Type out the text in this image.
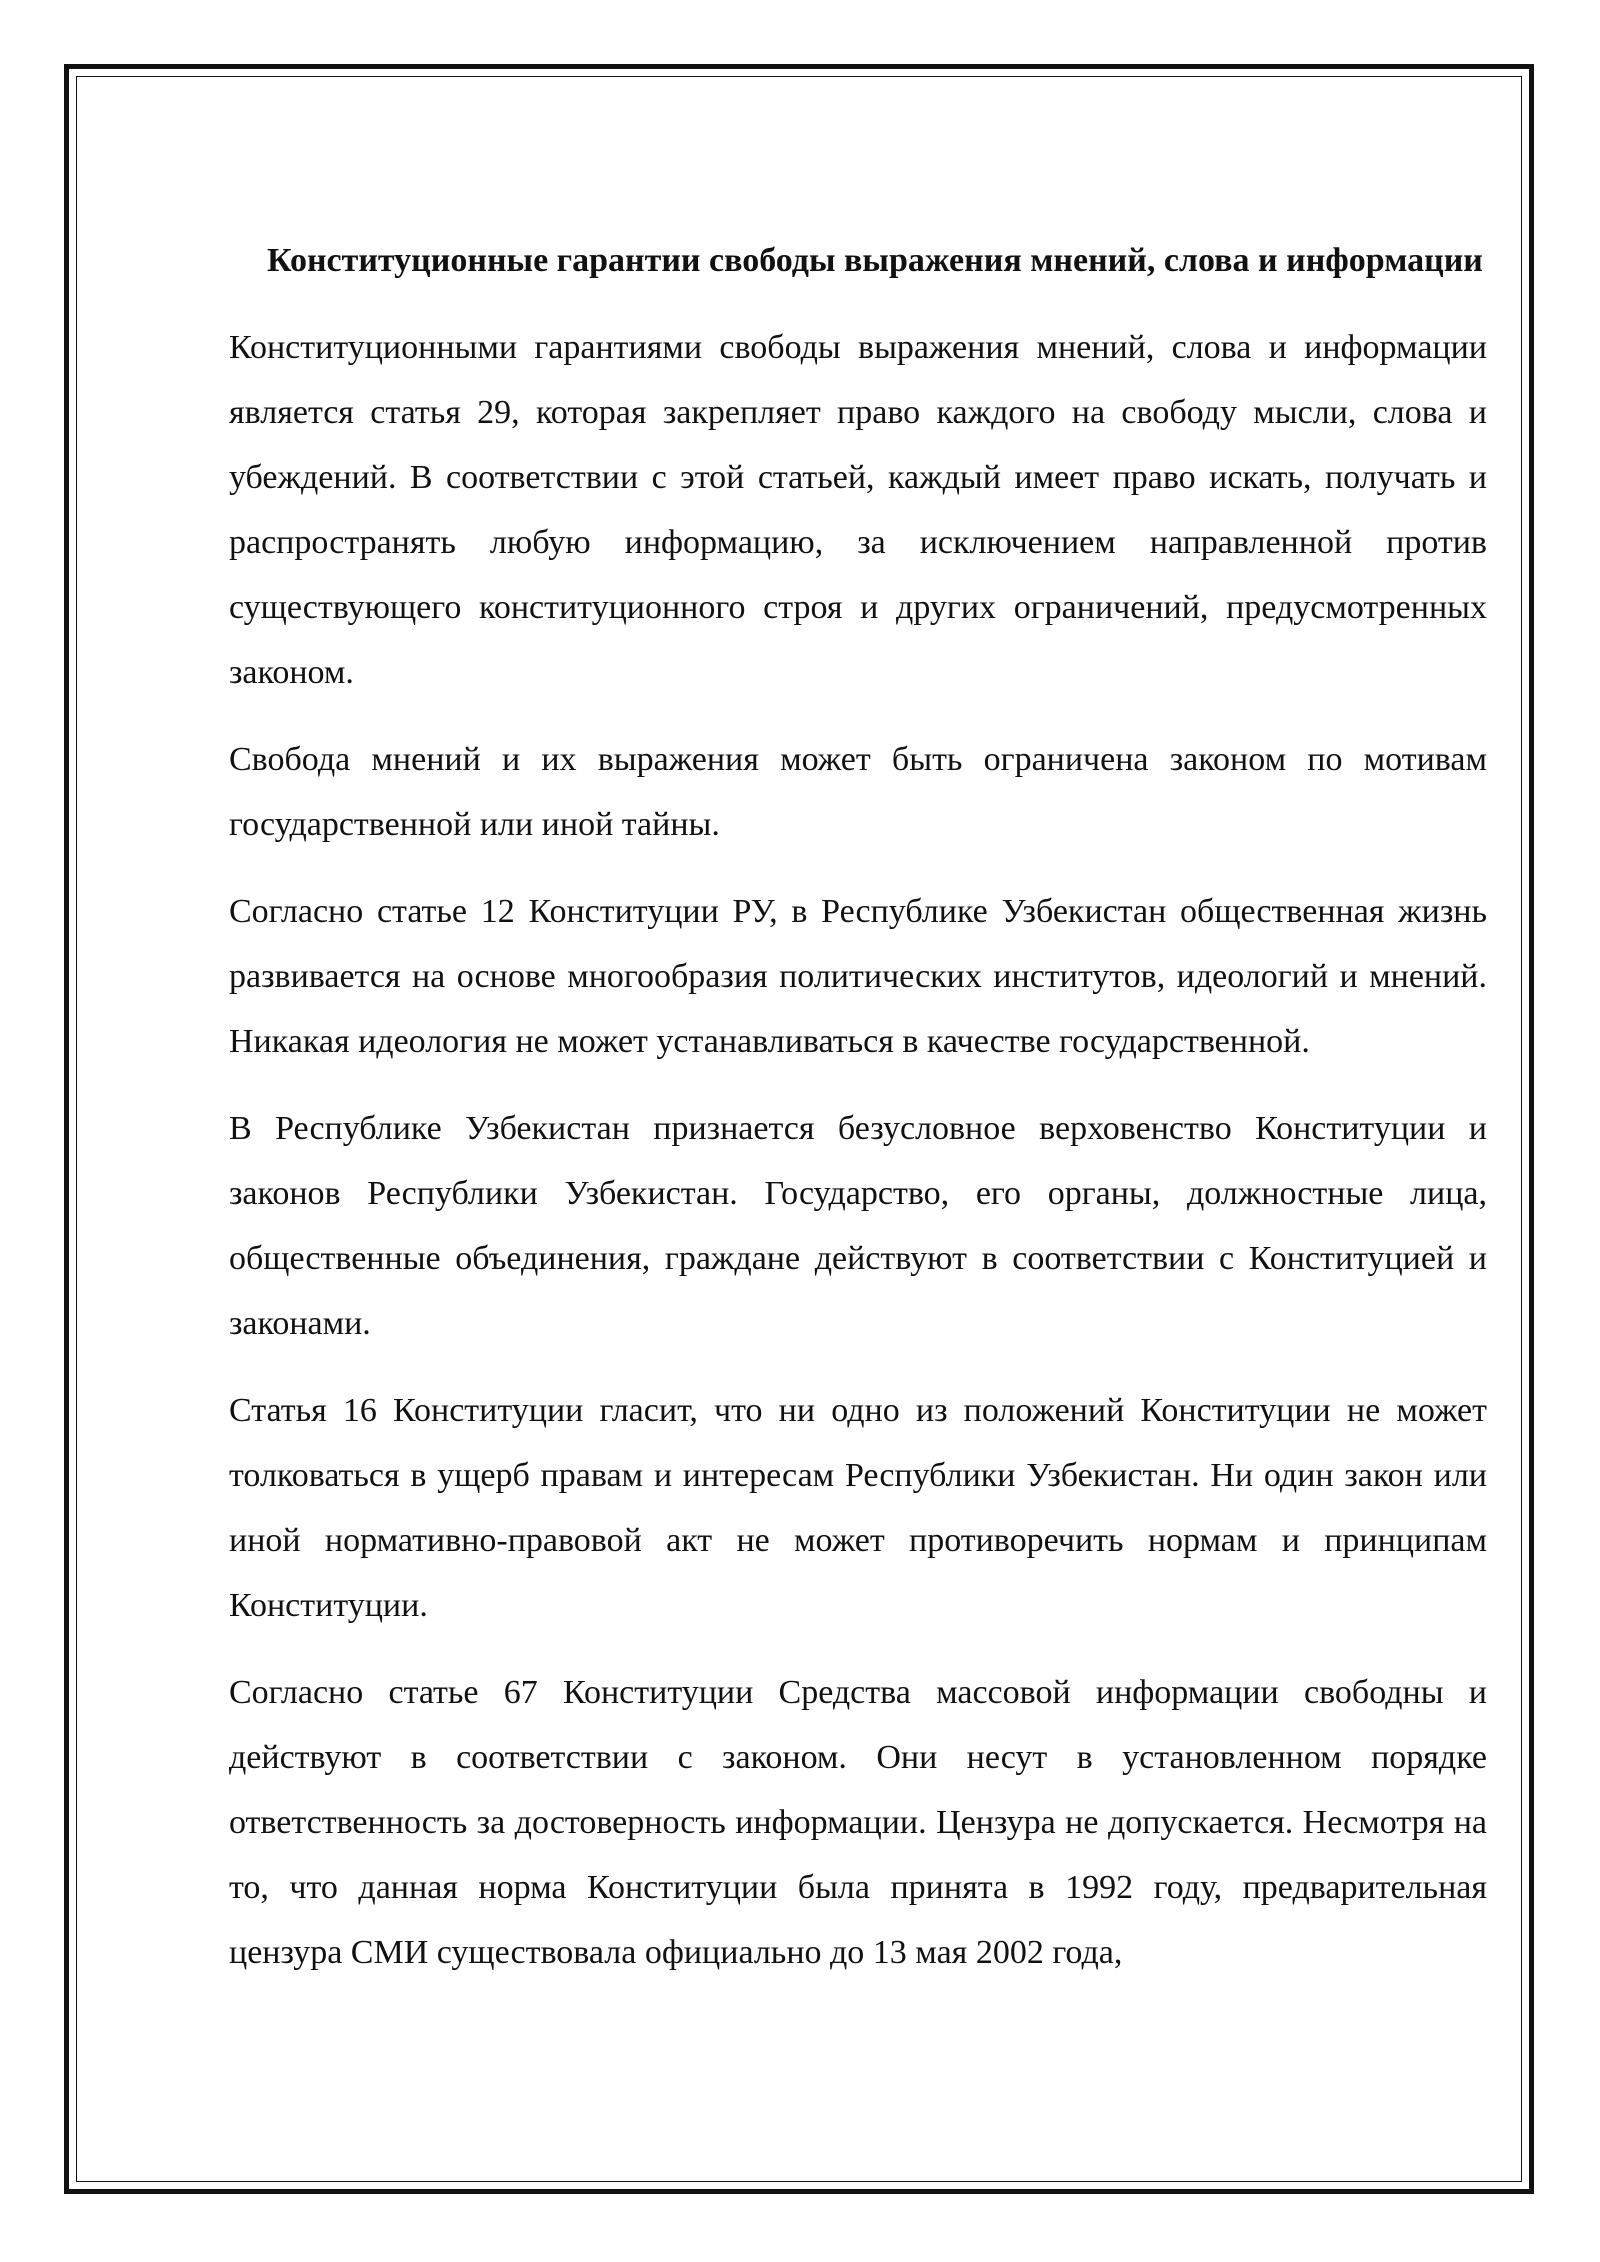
Конституционные гарантии свободы выражения мнений, слова и информации

Конституционными гарантиями свободы выражения мнений, слова и информации является статья 29, которая закрепляет право каждого на свободу мысли, слова и убеждений. В соответствии с этой статьей, каждый имеет право искать, получать и распространять любую информацию, за исключением направленной против существующего конституционного строя и других ограничений, предусмотренных законом.

Свобода мнений и их выражения может быть ограничена законом по мотивам государственной или иной тайны.

Согласно статье 12 Конституции РУ, в Республике Узбекистан общественная жизнь развивается на основе многообразия политических институтов, идеологий и мнений. Никакая идеология не может устанавливаться в качестве государственной.

В Республике Узбекистан признается безусловное верховенство Конституции и законов Республики Узбекистан. Государство, его органы, должностные лица, общественные объединения, граждане действуют в соответствии с Конституцией и законами.

Статья 16 Конституции гласит, что ни одно из положений Конституции не может толковаться в ущерб правам и интересам Республики Узбекистан. Ни один закон или иной нормативно-правовой акт не может противоречить нормам и принципам Конституции.

Согласно статье 67 Конституции Средства массовой информации свободны и действуют в соответствии с законом. Они несут в установленном порядке ответственность за достоверность информации. Цензура не допускается. Несмотря на то, что данная норма Конституции была принята в 1992 году, предварительная цензура СМИ существовала официально до 13 мая 2002 года,
